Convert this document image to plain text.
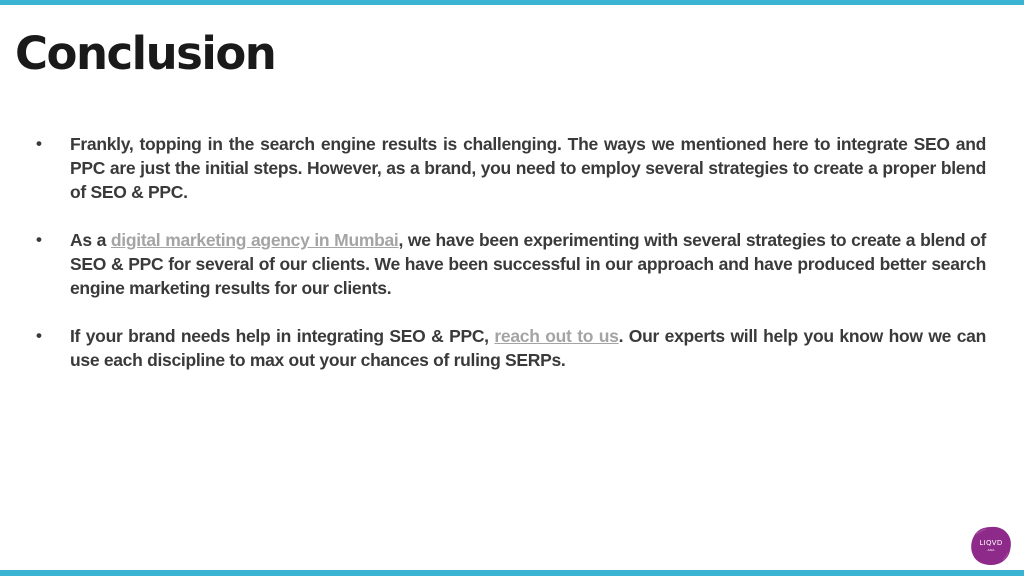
Conclusion
•	Frankly, topping in the search engine results is challenging. The ways we mentioned here to integrate SEO and PPC are just the initial steps. However, as a brand, you need to employ several strategies to create a proper blend of SEO & PPC.
•	As a digital marketing agency in Mumbai, we have been experimenting with several strategies to create a blend of SEO & PPC for several of our clients. We have been successful in our approach and have produced better search engine marketing results for our clients.
•	If your brand needs help in integrating SEO & PPC, reach out to us. Our experts will help you know how we can use each discipline to max out your chances of ruling SERPs.
LIQVD
ASIA
